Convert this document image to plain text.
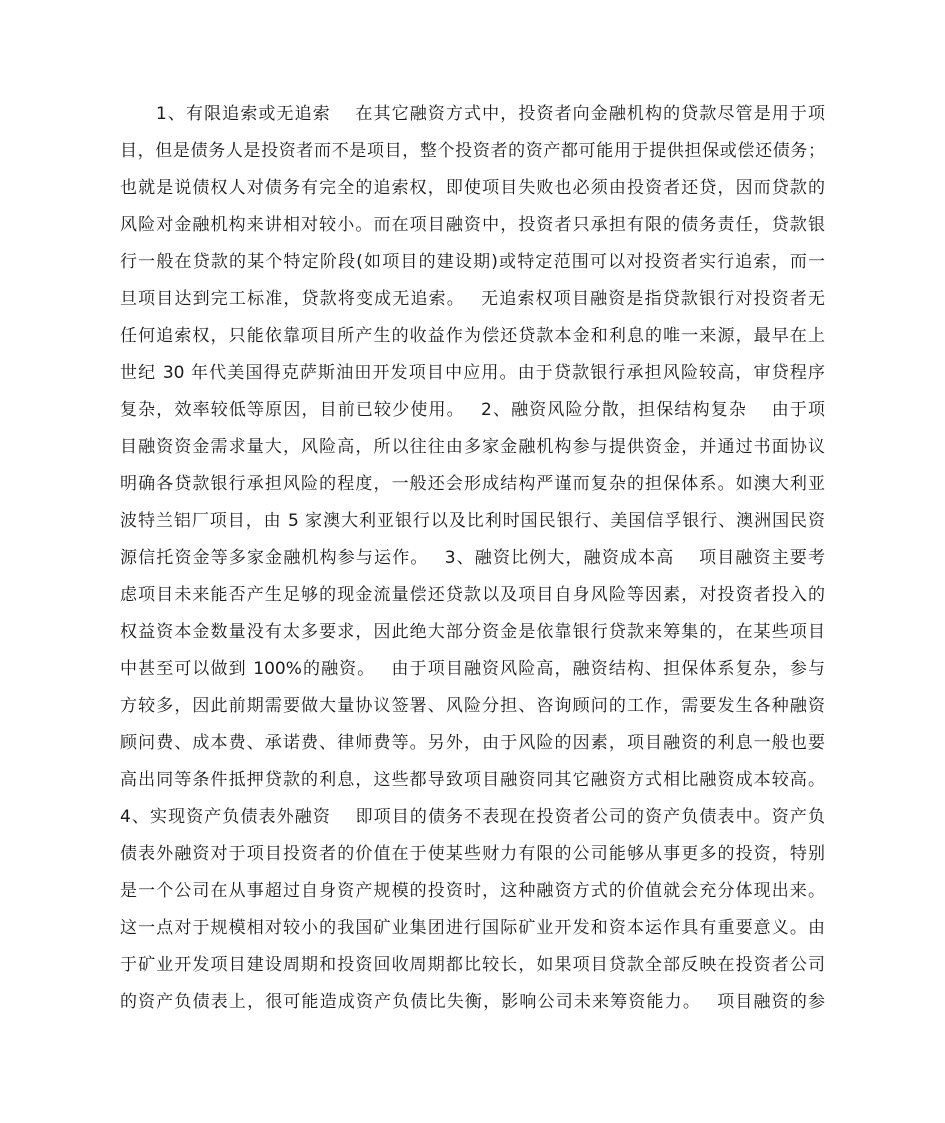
1、有限追索或无追索　 在其它融资方式中，投资者向金融机构的贷款尽管是用于项
目，但是债务人是投资者而不是项目，整个投资者的资产都可能用于提供担保或偿还债务；
也就是说债权人对债务有完全的追索权，即使项目失败也必须由投资者还贷，因而贷款的
风险对金融机构来讲相对较小。而在项目融资中，投资者只承担有限的债务责任，贷款银
行一般在贷款的某个特定阶段(如项目的建设期)或特定范围可以对投资者实行追索，而一
旦项目达到完工标准，贷款将变成无追索。　 无追索权项目融资是指贷款银行对投资者无
任何追索权，只能依靠项目所产生的收益作为偿还贷款本金和利息的唯一来源，最早在上
世纪 30 年代美国得克萨斯油田开发项目中应用。由于贷款银行承担风险较高，审贷程序
复杂，效率较低等原因，目前已较少使用。　 2、融资风险分散，担保结构复杂　 由于项
目融资资金需求量大，风险高，所以往往由多家金融机构参与提供资金，并通过书面协议
明确各贷款银行承担风险的程度，一般还会形成结构严谨而复杂的担保体系。如澳大利亚
波特兰铝厂项目，由 5 家澳大利亚银行以及比利时国民银行、美国信孚银行、澳洲国民资
源信托资金等多家金融机构参与运作。　 3、融资比例大，融资成本高　 项目融资主要考
虑项目未来能否产生足够的现金流量偿还贷款以及项目自身风险等因素，对投资者投入的
权益资本金数量没有太多要求，因此绝大部分资金是依靠银行贷款来筹集的，在某些项目
中甚至可以做到 100%的融资。　 由于项目融资风险高，融资结构、担保体系复杂，参与
方较多，因此前期需要做大量协议签署、风险分担、咨询顾问的工作，需要发生各种融资
顾问费、成本费、承诺费、律师费等。另外，由于风险的因素，项目融资的利息一般也要
高出同等条件抵押贷款的利息，这些都导致项目融资同其它融资方式相比融资成本较高。
4、实现资产负债表外融资　 即项目的债务不表现在投资者公司的资产负债表中。资产负
债表外融资对于项目投资者的价值在于使某些财力有限的公司能够从事更多的投资，特别
是一个公司在从事超过自身资产规模的投资时，这种融资方式的价值就会充分体现出来。
这一点对于规模相对较小的我国矿业集团进行国际矿业开发和资本运作具有重要意义。由
于矿业开发项目建设周期和投资回收周期都比较长，如果项目贷款全部反映在投资者公司
的资产负债表上，很可能造成资产负债比失衡，影响公司未来筹资能力。　 项目融资的参
